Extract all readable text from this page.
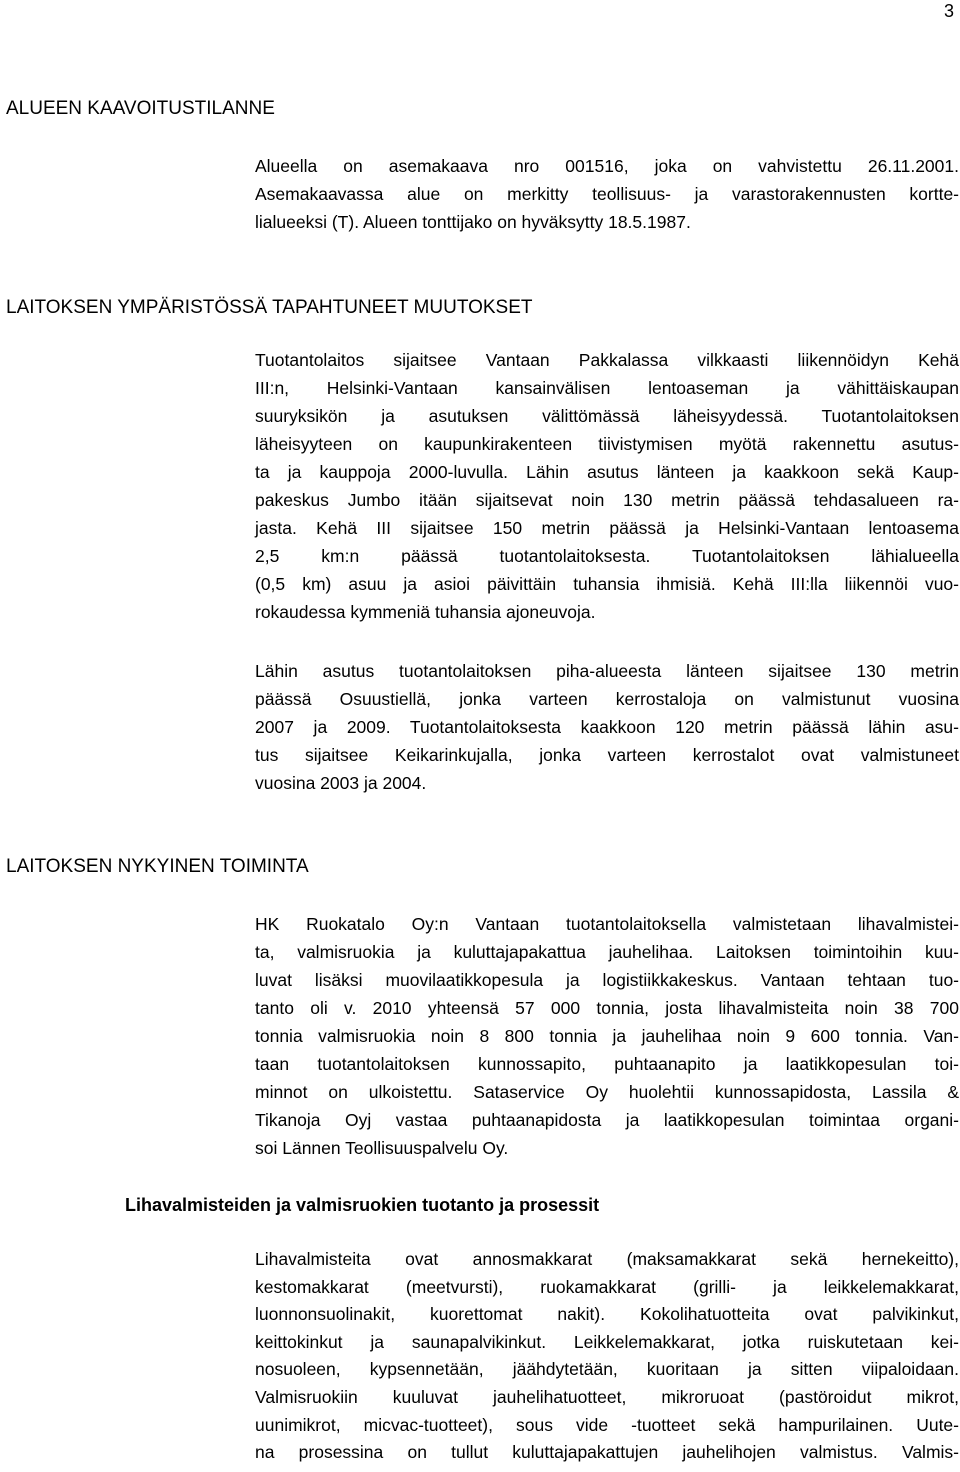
3
ALUEEN KAAVOITUSTILANNE
Alueella on asemakaava nro 001516, joka on vahvistettu 26.11.2001.
Asemakaavassa alue on merkitty teollisuus- ja varastorakennusten kortte-
lialueeksi (T). Alueen tonttijako on hyväksytty 18.5.1987.
LAITOKSEN YMPÄRISTÖSSÄ TAPAHTUNEET MUUTOKSET
Tuotantolaitos sijaitsee Vantaan Pakkalassa vilkkaasti liikennöidyn Kehä
III:n, Helsinki-Vantaan kansainvälisen lentoaseman ja vähittäiskaupan
suuryksikön ja asutuksen välittömässä läheisyydessä. Tuotantolaitoksen
läheisyyteen on kaupunkirakenteen tiivistymisen myötä rakennettu asutus-
ta ja kauppoja 2000-luvulla. Lähin asutus länteen ja kaakkoon sekä Kaup-
pakeskus Jumbo itään sijaitsevat noin 130 metrin päässä tehdasalueen ra-
jasta. Kehä III sijaitsee 150 metrin päässä ja Helsinki-Vantaan lentoasema
2,5 km:n päässä tuotantolaitoksesta. Tuotantolaitoksen lähialueella
(0,5 km) asuu ja asioi päivittäin tuhansia ihmisiä. Kehä III:lla liikennöi vuo-
rokaudessa kymmeniä tuhansia ajoneuvoja.
Lähin asutus tuotantolaitoksen piha-alueesta länteen sijaitsee 130 metrin
päässä Osuustiellä, jonka varteen kerrostaloja on valmistunut vuosina
2007 ja 2009. Tuotantolaitoksesta kaakkoon 120 metrin päässä lähin asu-
tus sijaitsee Keikarinkujalla, jonka varteen kerrostalot ovat valmistuneet
vuosina 2003 ja 2004.
LAITOKSEN NYKYINEN TOIMINTA
HK Ruokatalo Oy:n Vantaan tuotantolaitoksella valmistetaan lihavalmistei-
ta, valmisruokia ja kuluttajapakattua jauhelihaa. Laitoksen toimintoihin kuu-
luvat lisäksi muovilaatikkopesula ja logistiikkakeskus. Vantaan tehtaan tuo-
tanto oli v. 2010 yhteensä 57 000 tonnia, josta lihavalmisteita noin 38 700
tonnia valmisruokia noin 8 800 tonnia ja jauhelihaa noin 9 600 tonnia. Van-
taan tuotantolaitoksen kunnossapito, puhtaanapito ja laatikkopesulan toi-
minnot on ulkoistettu. Sataservice Oy huolehtii kunnossapidosta, Lassila &
Tikanoja Oyj vastaa puhtaanapidosta ja laatikkopesulan toimintaa organi-
soi Lännen Teollisuuspalvelu Oy.
Lihavalmisteiden ja valmisruokien tuotanto ja prosessit
Lihavalmisteita ovat annosmakkarat (maksamakkarat sekä hernekeitto),
kestomakkarat (meetvursti), ruokamakkarat (grilli- ja leikkelemakkarat,
luonnonsuolinakit, kuorettomat nakit). Kokolihatuotteita ovat palvikinkut,
keittokinkut ja saunapalvikinkut. Leikkelemakkarat, jotka ruiskutetaan kei-
nosuoleen, kypsennetään, jäähdytetään, kuoritaan ja sitten viipaloidaan.
Valmisruokiin kuuluvat jauhelihatuotteet, mikroruoat (pastöroidut mikrot,
uunimikrot, micvac-tuotteet), sous vide -tuotteet sekä hampurilainen. Uute-
na prosessina on tullut kuluttajapakattujen jauhelihojen valmistus. Valmis-
